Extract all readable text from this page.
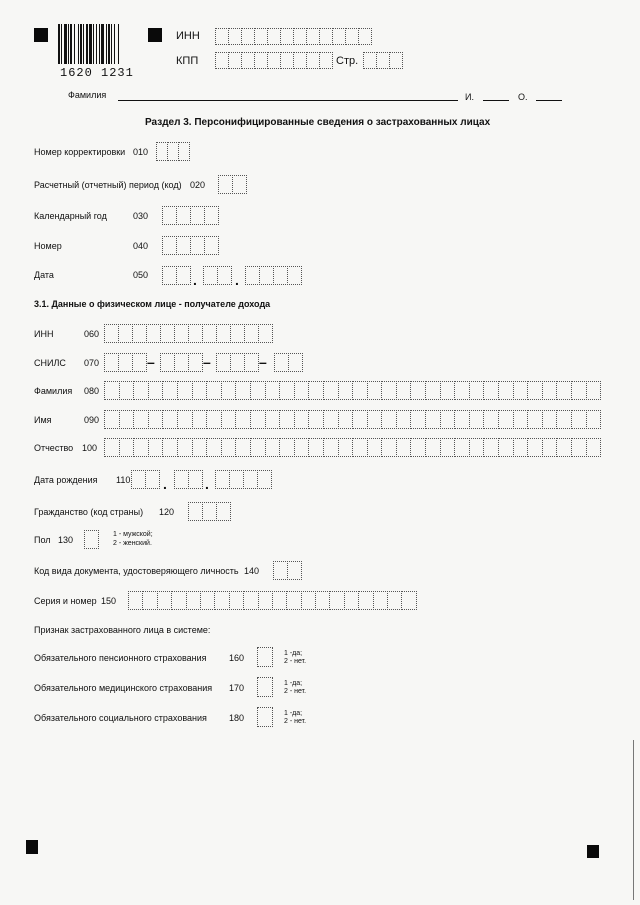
1620 1231
ИНН
КПП	Стр.
Фамилия	И.	О.
Раздел 3. Персонифицированные сведения о застрахованных лицах
Номер корректировки 010
Расчетный (отчетный) период (код) 020
Календарный год	030
Номер	040
Дата	050	.	.
3.1. Данные о физическом лице - получателе дохода
ИНН	060
СНИЛС 070	–	–	–
Фамилия 080
Имя	090
Отчество 100
Дата рождения 110 .	.
Гражданство (код страны) 120
Пол 130
1 - мужской;
2 - женский.
Код вида документа, удостоверяющего личность 140
Серия и номер 150
Признак застрахованного лица в системе:
Обязательного пенсионного страхования 160	1 -да;
2 - нет.
Обязательного медицинского страхования 170	1 -да;
2 - нет.
Обязательного социального страхования 180	1 -да;
2 - нет.
